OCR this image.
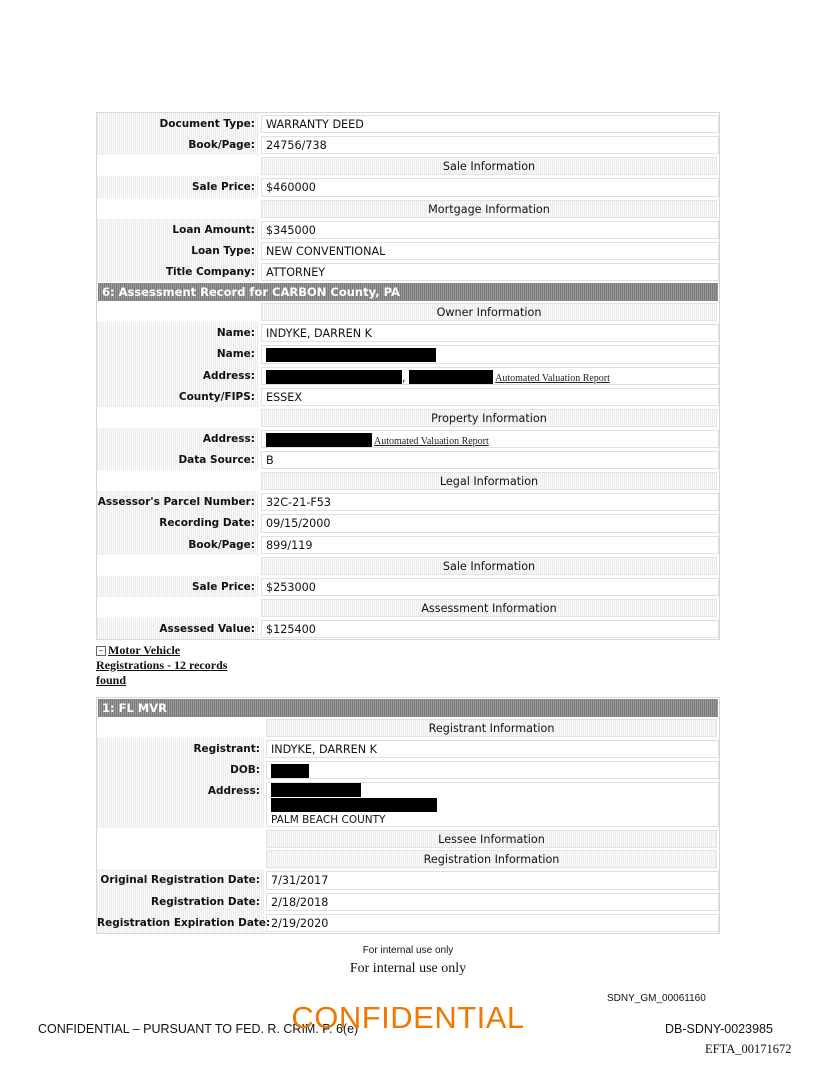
Document Type: WARRANTY DEED
Book/Page: 24756/738
Sale Information
Sale Price: $460000
Mortgage Information
Loan Amount: $345000
Loan Type: NEW CONVENTIONAL
Title Company: ATTORNEY
6: Assessment Record for CARBON County, PA
Owner Information
Name: INDYKE, DARREN K
Name:
Address:	,	Automated Valuation Report
County/FIPS: ESSEX
Property Information
Address:	Automated Valuation Report
Data Source: B
Legal Information
Assessor's Parcel Number: 32C-21-F53
Recording Date: 09/15/2000
Book/Page: 899/119
Sale Information
Sale Price: $253000
Assessment Information
Assessed Value: $125400
− Motor Vehicle Registrations - 12 records found
1: FL MVR
Registrant Information
Registrant: INDYKE, DARREN K
DOB:
Address:
PALM BEACH COUNTY
Lessee Information
Registration Information
Original Registration Date: 7/31/2017
Registration Date: 2/18/2018
Registration Expiration Date: 2/19/2020
For internal use only
For internal use only
SDNY_GM_00061160
CONFIDENTIAL – PURSUANT TO FED. R. CRIM. P. 6(e)
CONFIDENTIAL	DB-SDNY-0023985
EFTA_00171672
